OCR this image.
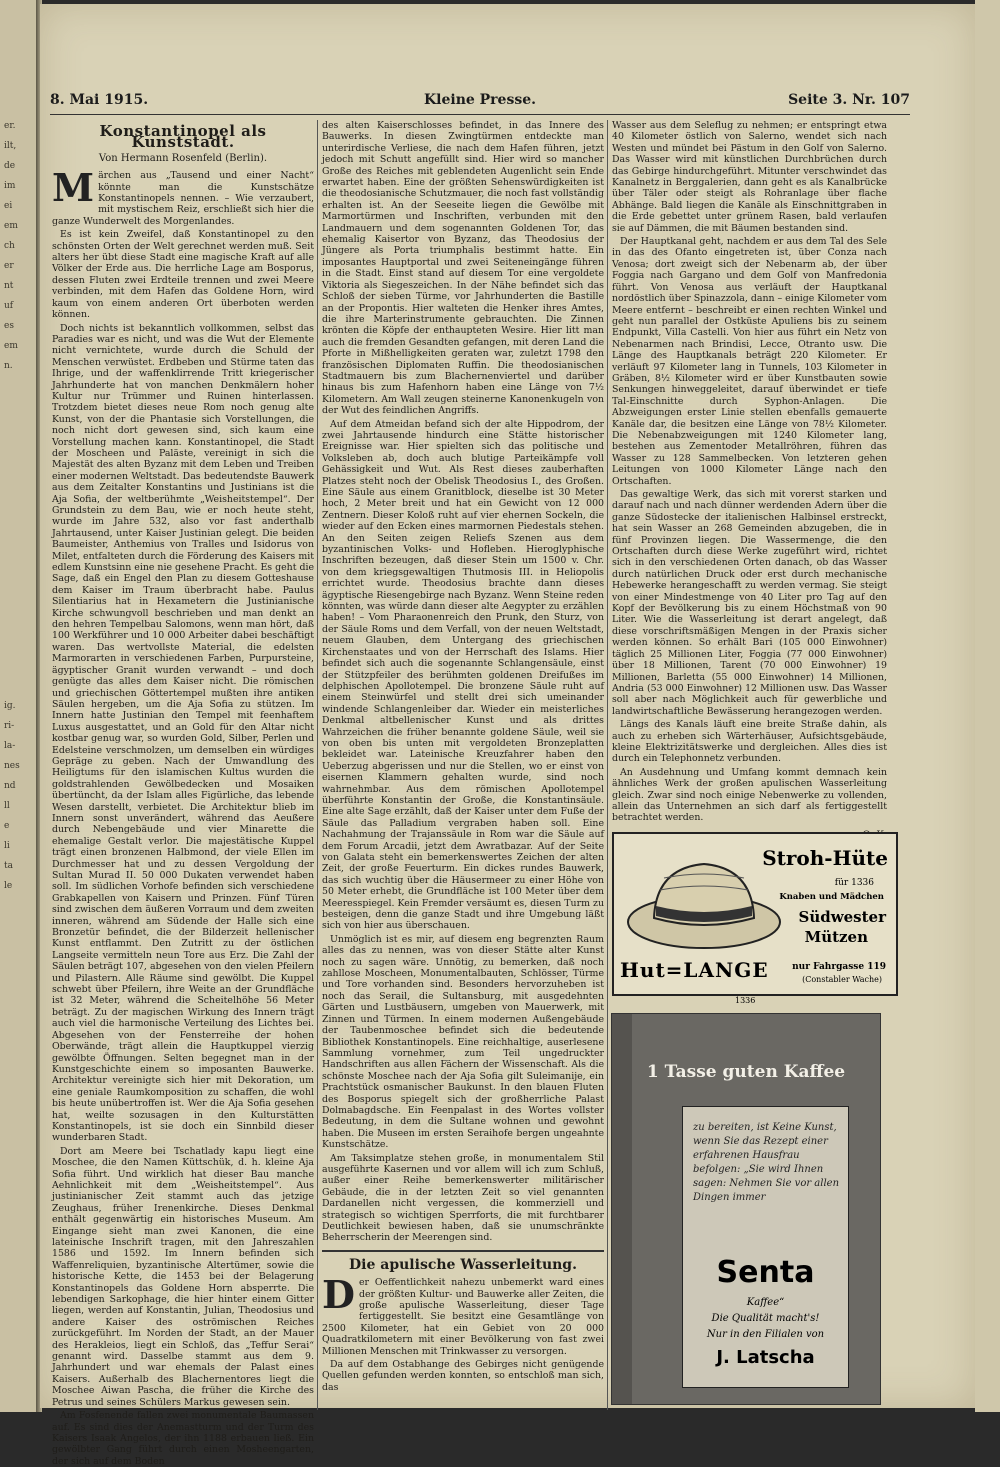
er.
ilt,
de
im
ei
em
ch
er
nt
uf
es
em
n.
ig.
ri-
la-
nes
nd
ll
e
li
ta
le
8. Mai 1915.	Kleine Presse.	Seite 3. Nr. 107
Konstantinopel als Kunststadt.
Von Hermann Rosenfeld (Berlin).

Märchen aus „Tausend und einer Nacht“ könnte man die Kunstschätze Konstantinopels nennen. – Wie verzaubert, mit mystischem Reiz, erschließt sich hier die ganze Wunderwelt des Morgenlandes.

Es ist kein Zweifel, daß Konstantinopel zu den schönsten Orten der Welt gerechnet werden muß. Seit alters her übt diese Stadt eine magische Kraft auf alle Völker der Erde aus. Die herrliche Lage am Bosporus, dessen Fluten zwei Erdteile trennen und zwei Meere verbinden, mit dem Hafen das Goldene Horn, wird kaum von einem anderen Ort überboten werden können.

Doch nichts ist bekanntlich vollkommen, selbst das Paradies war es nicht, und was die Wut der Elemente nicht vernichtete, wurde durch die Schuld der Menschen verwüstet. Erdbeben und Stürme taten das Ihrige, und der waffenklirrende Tritt kriegerischer Jahrhunderte hat von manchen Denkmälern hoher Kultur nur Trümmer und Ruinen hinterlassen. Trotzdem bietet dieses neue Rom noch genug alte Kunst, von der die Phantasie sich Vorstellungen, die noch nicht dort gewesen sind, sich kaum eine Vorstellung machen kann. Konstantinopel, die Stadt der Moscheen und Paläste, vereinigt in sich die Majestät des alten Byzanz mit dem Leben und Treiben einer modernen Weltstadt. Das bedeutendste Bauwerk aus dem Zeitalter Konstantins und Justinians ist die Aja Sofia, der weltberühmte „Weisheitstempel“. Der Grundstein zu dem Bau, wie er noch heute steht, wurde im Jahre 532, also vor fast anderthalb Jahrtausend, unter Kaiser Justinian gelegt. Die beiden Baumeister, Anthemius von Tralles und Isidorus von Milet, entfalteten durch die Förderung des Kaisers mit edlem Kunstsinn eine nie gesehene Pracht. Es geht die Sage, daß ein Engel den Plan zu diesem Gotteshause dem Kaiser im Traum überbracht habe. Paulus Silentiarius hat in Hexametern die Justinianische Kirche schwungvoll beschrieben und man denkt an den hehren Tempelbau Salomons, wenn man hört, daß 100 Werkführer und 10 000 Arbeiter dabei beschäftigt waren. Das wertvollste Material, die edelsten Marmorarten in verschiedenen Farben, Purpursteine, ägyptischer Granit wurden verwandt – und doch genügte das alles dem Kaiser nicht. Die römischen und griechischen Göttertempel mußten ihre antiken Säulen hergeben, um die Aja Sofia zu stützen. Im Innern hatte Justinian den Tempel mit feenhaftem Luxus ausgestattet, und an Gold für den Altar nicht kostbar genug war, so wurden Gold, Silber, Perlen und Edelsteine verschmolzen, um demselben ein würdiges Gepräge zu geben. Nach der Umwandlung des Heiligtums für den islamischen Kultus wurden die goldstrahlenden Gewölbedecken und Mosaiken übertüncht, da der Islam alles Figürliche, das lebende Wesen darstellt, verbietet. Die Architektur blieb im Innern sonst unverändert, während das Aeußere durch Nebengebäude und vier Minarette die ehemalige Gestalt verlor. Die majestätische Kuppel trägt einen bronzenen Halbmond, der viele Ellen im Durchmesser hat und zu dessen Vergoldung der Sultan Murad II. 50 000 Dukaten verwendet haben soll. Im südlichen Vorhofe befinden sich verschiedene Grabkapellen von Kaisern und Prinzen. Fünf Türen sind zwischen dem äußeren Vorraum und dem zweiten inneren, während am Südende der Halle sich eine Bronzetür befindet, die der Bilderzeit hellenischer Kunst entflammt. Den Zutritt zu der östlichen Langseite vermitteln neun Tore aus Erz. Die Zahl der Säulen beträgt 107, abgesehen von den vielen Pfeilern und Pilastern. Alle Räume sind gewölbt. Die Kuppel schwebt über Pfeilern, ihre Weite an der Grundfläche ist 32 Meter, während die Scheitelhöhe 56 Meter beträgt. Zu der magischen Wirkung des Innern trägt auch viel die harmonische Verteilung des Lichtes bei. Abgesehen von der Fensterreihe der hohen Oberwände, trägt allein die Hauptkuppel vierzig gewölbte Öffnungen. Selten begegnet man in der Kunstgeschichte einem so imposanten Bauwerke. Architektur vereinigte sich hier mit Dekoration, um eine geniale Raumkomposition zu schaffen, die wohl bis heute unübertroffen ist. Wer die Aja Sofia gesehen hat, weilte sozusagen in den Kulturstätten Konstantinopels, ist sie doch ein Sinnbild dieser wunderbaren Stadt.

Dort am Meere bei Tschatlady kapu liegt eine Moschee, die den Namen Küttschük, d. h. kleine Aja Sofia führt. Und wirklich hat dieser Bau manche Aehnlichkeit mit dem „Weisheitstempel“. Aus justinianischer Zeit stammt auch das jetzige Zeughaus, früher Irenenkirche. Dieses Denkmal enthält gegenwärtig ein historisches Museum. Am Eingange sieht man zwei Kanonen, die eine lateinische Inschrift tragen, mit den Jahreszahlen 1586 und 1592. Im Innern befinden sich Waffenreliquien, byzantinische Altertümer, sowie die historische Kette, die 1453 bei der Belagerung Konstantinopels das Goldene Horn absperrte. Die lebendigen Sarkophage, die hier hinter einem Gitter liegen, werden auf Konstantin, Julian, Theodosius und andere Kaiser des oströmischen Reiches zurückgeführt. Im Norden der Stadt, an der Mauer des Herakleios, liegt ein Schloß, das „Teffur Serai“ genannt wird. Dasselbe stammt aus dem 9. Jahrhundert und war ehemals der Palast eines Kaisers. Außerhalb des Blachernentores liegt die Moschee Aiwan Pascha, die früher die Kirche des Petrus und seines Schülers Markus gewesen sein.

Am Fosfenende fallen zwei monumentale Baumassen auf. Es sind dies der Anemastturm und der Turm des Kaisers Isaak Angelos, der ihn 1188 erbauen ließ. Ein gewölbter Gang führt durch einen Mosheengarten, der sich auf dem Boden

des alten Kaiserschlosses befindet, in das Innere des Bauwerks. In diesen Zwingtürmen entdeckte man unterirdische Verliese, die nach dem Hafen führen, jetzt jedoch mit Schutt angefüllt sind. Hier wird so mancher Große des Reiches mit geblendeten Augenlicht sein Ende erwartet haben. Eine der größten Sehenswürdigkeiten ist die theodosianische Schutzmauer, die noch fast vollständig erhalten ist. An der Seeseite liegen die Gewölbe mit Marmortürmen und Inschriften, verbunden mit den Landmauern und dem sogenannten Goldenen Tor, das ehemalig Kaisertor von Byzanz, das Theodosius der Jüngere als Porta triumphalis bestimmt hatte. Ein imposantes Hauptportal und zwei Seiteneingänge führen in die Stadt. Einst stand auf diesem Tor eine vergoldete Viktoria als Siegeszeichen. In der Nähe befindet sich das Schloß der sieben Türme, vor Jahrhunderten die Bastille an der Propontis. Hier walteten die Henker ihres Amtes, die ihre Marterinstrumente gebrauchten. Die Zinnen krönten die Köpfe der enthaupteten Wesire. Hier litt man auch die fremden Gesandten gefangen, mit deren Land die Pforte in Mißhelligkeiten geraten war, zuletzt 1798 den französischen Diplomaten Ruffin. Die theodosianischen Stadtmauern bis zum Blachernenviertel und darüber hinaus bis zum Hafenhorn haben eine Länge von 7½ Kilometern. Am Wall zeugen steinerne Kanonenkugeln von der Wut des feindlichen Angriffs.

Auf dem Atmeidan befand sich der alte Hippodrom, der zwei Jahrtausende hindurch eine Stätte historischer Ereignisse war. Hier spielten sich das politische und Volksleben ab, doch auch blutige Parteikämpfe voll Gehässigkeit und Wut. Als Rest dieses zauberhaften Platzes steht noch der Obelisk Theodosius I., des Großen. Eine Säule aus einem Granitblock, dieselbe ist 30 Meter hoch, 2 Meter breit und hat ein Gewicht von 12 000 Zentnern. Dieser Koloß ruht auf vier ehernen Sockeln, die wieder auf den Ecken eines marmornen Piedestals stehen. An den Seiten zeigen Reliefs Szenen aus dem byzantinischen Volks- und Hofleben. Hieroglyphische Inschriften bezeugen, daß dieser Stein um 1500 v. Chr. von dem kriegsgewaltigen Thutmosis III. in Heliopolis errichtet wurde. Theodosius brachte dann dieses ägyptische Riesengebirge nach Byzanz. Wenn Steine reden könnten, was würde dann dieser alte Aegypter zu erzählen haben! – Vom Pharaonenreich den Prunk, den Sturz, von der Säule Roms und dem Verfall, von der neuen Weltstadt, neuem Glauben, dem Untergang des griechischen Kirchenstaates und von der Herrschaft des Islams. Hier befindet sich auch die sogenannte Schlangensäule, einst der Stützpfeiler des berühmten goldenen Dreifußes im delphischen Apollotempel. Die bronzene Säule ruht auf einem Steinwürfel und stellt drei sich umeinander windende Schlangenleiber dar. Wieder ein meisterliches Denkmal altbellenischer Kunst und als drittes Wahrzeichen die früher benannte goldene Säule, weil sie von oben bis unten mit vergoldeten Bronzeplatten bekleidet war. Lateinische Kreuzfahrer haben den Ueberzug abgerissen und nur die Stellen, wo er einst von eisernen Klammern gehalten wurde, sind noch wahrnehmbar. Aus dem römischen Apollotempel überführte Konstantin der Große, die Konstantinsäule. Eine alte Sage erzählt, daß der Kaiser unter dem Fuße der Säule das Palladium vergraben haben soll. Eine Nachahmung der Trajanssäule in Rom war die Säule auf dem Forum Arcadii, jetzt dem Awratbazar. Auf der Seite von Galata steht ein bemerkenswertes Zeichen der alten Zeit, der große Feuerturm. Ein dickes rundes Bauwerk, das sich wuchtig über die Häusermeer zu einer Höhe von 50 Meter erhebt, die Grundfläche ist 100 Meter über dem Meeresspiegel. Kein Fremder versäumt es, diesen Turm zu besteigen, denn die ganze Stadt und ihre Umgebung läßt sich von hier aus überschauen.

Unmöglich ist es mir, auf diesem eng begrenzten Raum alles das zu nennen, was von dieser Stätte alter Kunst noch zu sagen wäre. Unnötig, zu bemerken, daß noch zahllose Moscheen, Monumentalbauten, Schlösser, Türme und Tore vorhanden sind. Besonders hervorzuheben ist noch das Serail, die Sultansburg, mit ausgedehnten Gärten und Lustbäusern, umgeben von Mauerwerk, mit Zinnen und Türmen. In einem modernen Außengebäude der Taubenmoschee befindet sich die bedeutende Bibliothek Konstantinopels. Eine reichhaltige, auserlesene Sammlung vornehmer, zum Teil ungedruckter Handschriften aus allen Fächern der Wissenschaft. Als die schönste Moschee nach der Aja Sofia gilt Suleimanije, ein Prachtstück osmanischer Baukunst. In den blauen Fluten des Bosporus spiegelt sich der großherrliche Palast Dolmabagdsche. Ein Feenpalast in des Wortes vollster Bedeutung, in dem die Sultane wohnen und gewohnt haben. Die Museen im ersten Seraihofe bergen ungeahnte Kunstschätze.

Am Taksimplatze stehen große, in monumentalem Stil ausgeführte Kasernen und vor allem will ich zum Schluß, außer einer Reihe bemerkenswerter militärischer Gebäude, die in der letzten Zeit so viel genannten Dardanellen nicht vergessen, die kommerziell und strategisch so wichtigen Sperrforts, die mit furchtbarer Deutlichkeit bewiesen haben, daß sie unumschränkte Beherrscherin der Meerengen sind.

Die apulische Wasserleitung.

Der Oeffentlichkeit nahezu unbemerkt ward eines der größten Kultur- und Bauwerke aller Zeiten, die große apulische Wasserleitung, dieser Tage fertiggestellt. Sie besitzt eine Gesamtlänge von 2500 Kilometer, hat ein Gebiet von 20 000 Quadratkilometern mit einer Bevölkerung von fast zwei Millionen Menschen mit Trinkwasser zu versorgen.

Da auf dem Ostabhange des Gebirges nicht genügende Quellen gefunden werden konnten, so entschloß man sich, das

Wasser aus dem Seleflug zu nehmen; er entspringt etwa 40 Kilometer östlich von Salerno, wendet sich nach Westen und mündet bei Pästum in den Golf von Salerno. Das Wasser wird mit künstlichen Durchbrüchen durch das Gebirge hindurchgeführt. Mitunter verschwindet das Kanalnetz in Berggalerien, dann geht es als Kanalbrücke über Täler oder steigt als Rohranlage über flache Abhänge. Bald liegen die Kanäle als Einschnittgraben in die Erde gebettet unter grünem Rasen, bald verlaufen sie auf Dämmen, die mit Bäumen bestanden sind.

Der Hauptkanal geht, nachdem er aus dem Tal des Sele in das des Ofanto eingetreten ist, über Conza nach Venosa; dort zweigt sich der Nebenarm ab, der über Foggia nach Gargano und dem Golf von Manfredonia führt. Von Venosa aus verläuft der Hauptkanal nordöstlich über Spinazzola, dann – einige Kilometer vom Meere entfernt – beschreibt er einen rechten Winkel und geht nun parallel der Ostküste Apuliens bis zu seinem Endpunkt, Villa Castelli. Von hier aus führt ein Netz von Nebenarmen nach Brindisi, Lecce, Otranto usw. Die Länge des Hauptkanals beträgt 220 Kilometer. Er verläuft 97 Kilometer lang in Tunnels, 103 Kilometer in Gräben, 8½ Kilometer wird er über Kunstbauten sowie Senkungen hinweggeleitet, darauf überwindet er tiefe Tal-Einschnitte durch Syphon-Anlagen. Die Abzweigungen erster Linie stellen ebenfalls gemauerte Kanäle dar, die besitzen eine Länge von 78½ Kilometer. Die Nebenabzweigungen mit 1240 Kilometer lang, bestehen aus Zementoder Metallröhren, führen das Wasser zu 128 Sammelbecken. Von letzteren gehen Leitungen von 1000 Kilometer Länge nach den Ortschaften.

Das gewaltige Werk, das sich mit vorerst starken und darauf nach und nach dünner werdenden Adern über die ganze Südostecke der italienischen Halbinsel erstreckt, hat sein Wasser an 268 Gemeinden abzugeben, die in fünf Provinzen liegen. Die Wassermenge, die den Ortschaften durch diese Werke zugeführt wird, richtet sich in den verschiedenen Orten danach, ob das Wasser durch natürlichen Druck oder erst durch mechanische Hebewerke herangeschafft zu werden vermag. Sie steigt von einer Mindestmenge von 40 Liter pro Tag auf den Kopf der Bevölkerung bis zu einem Höchstmaß von 90 Liter. Wie die Wasserleitung ist derart angelegt, daß diese vorschriftsmäßigen Mengen in der Praxis sicher werden können. So erhält Bari (105 000 Einwohner) täglich 25 Millionen Liter, Foggia (77 000 Einwohner) über 18 Millionen, Tarent (70 000 Einwohner) 19 Millionen, Barletta (55 000 Einwohner) 14 Millionen, Andria (53 000 Einwohner) 12 Millionen usw. Das Wasser soll aber nach Möglichkeit auch für gewerbliche und landwirtschaftliche Bewässerung herangezogen werden.

Längs des Kanals läuft eine breite Straße dahin, als auch zu erheben sich Wärterhäuser, Aufsichtsgebäude, kleine Elektrizitätswerke und dergleichen. Alles dies ist durch ein Telephonnetz verbunden.

An Ausdehnung und Umfang kommt demnach kein ähnliches Werk der großen apulischen Wasserleitung gleich. Zwar sind noch einige Nebenwerke zu vollenden, allein das Unternehmen an sich darf als fertiggestellt betrachtet werden.

Stroh-Hüte
für 1336
Knaben und Mädchen
Südwester
Mützen
Hut=LANGE	nur Fahrgasse 119
(Constabler Wache)
1336
1 Tasse guten Kaffee
zu bereiten, ist Keine Kunst, wenn Sie das Rezept einer erfahrenen Hausfrau befolgen: „Sie wird Ihnen sagen: Nehmen Sie vor allen Dingen immer
Senta
Kaffee“
Die Qualität macht's!
Nur in den Filialen von
J. Latscha
